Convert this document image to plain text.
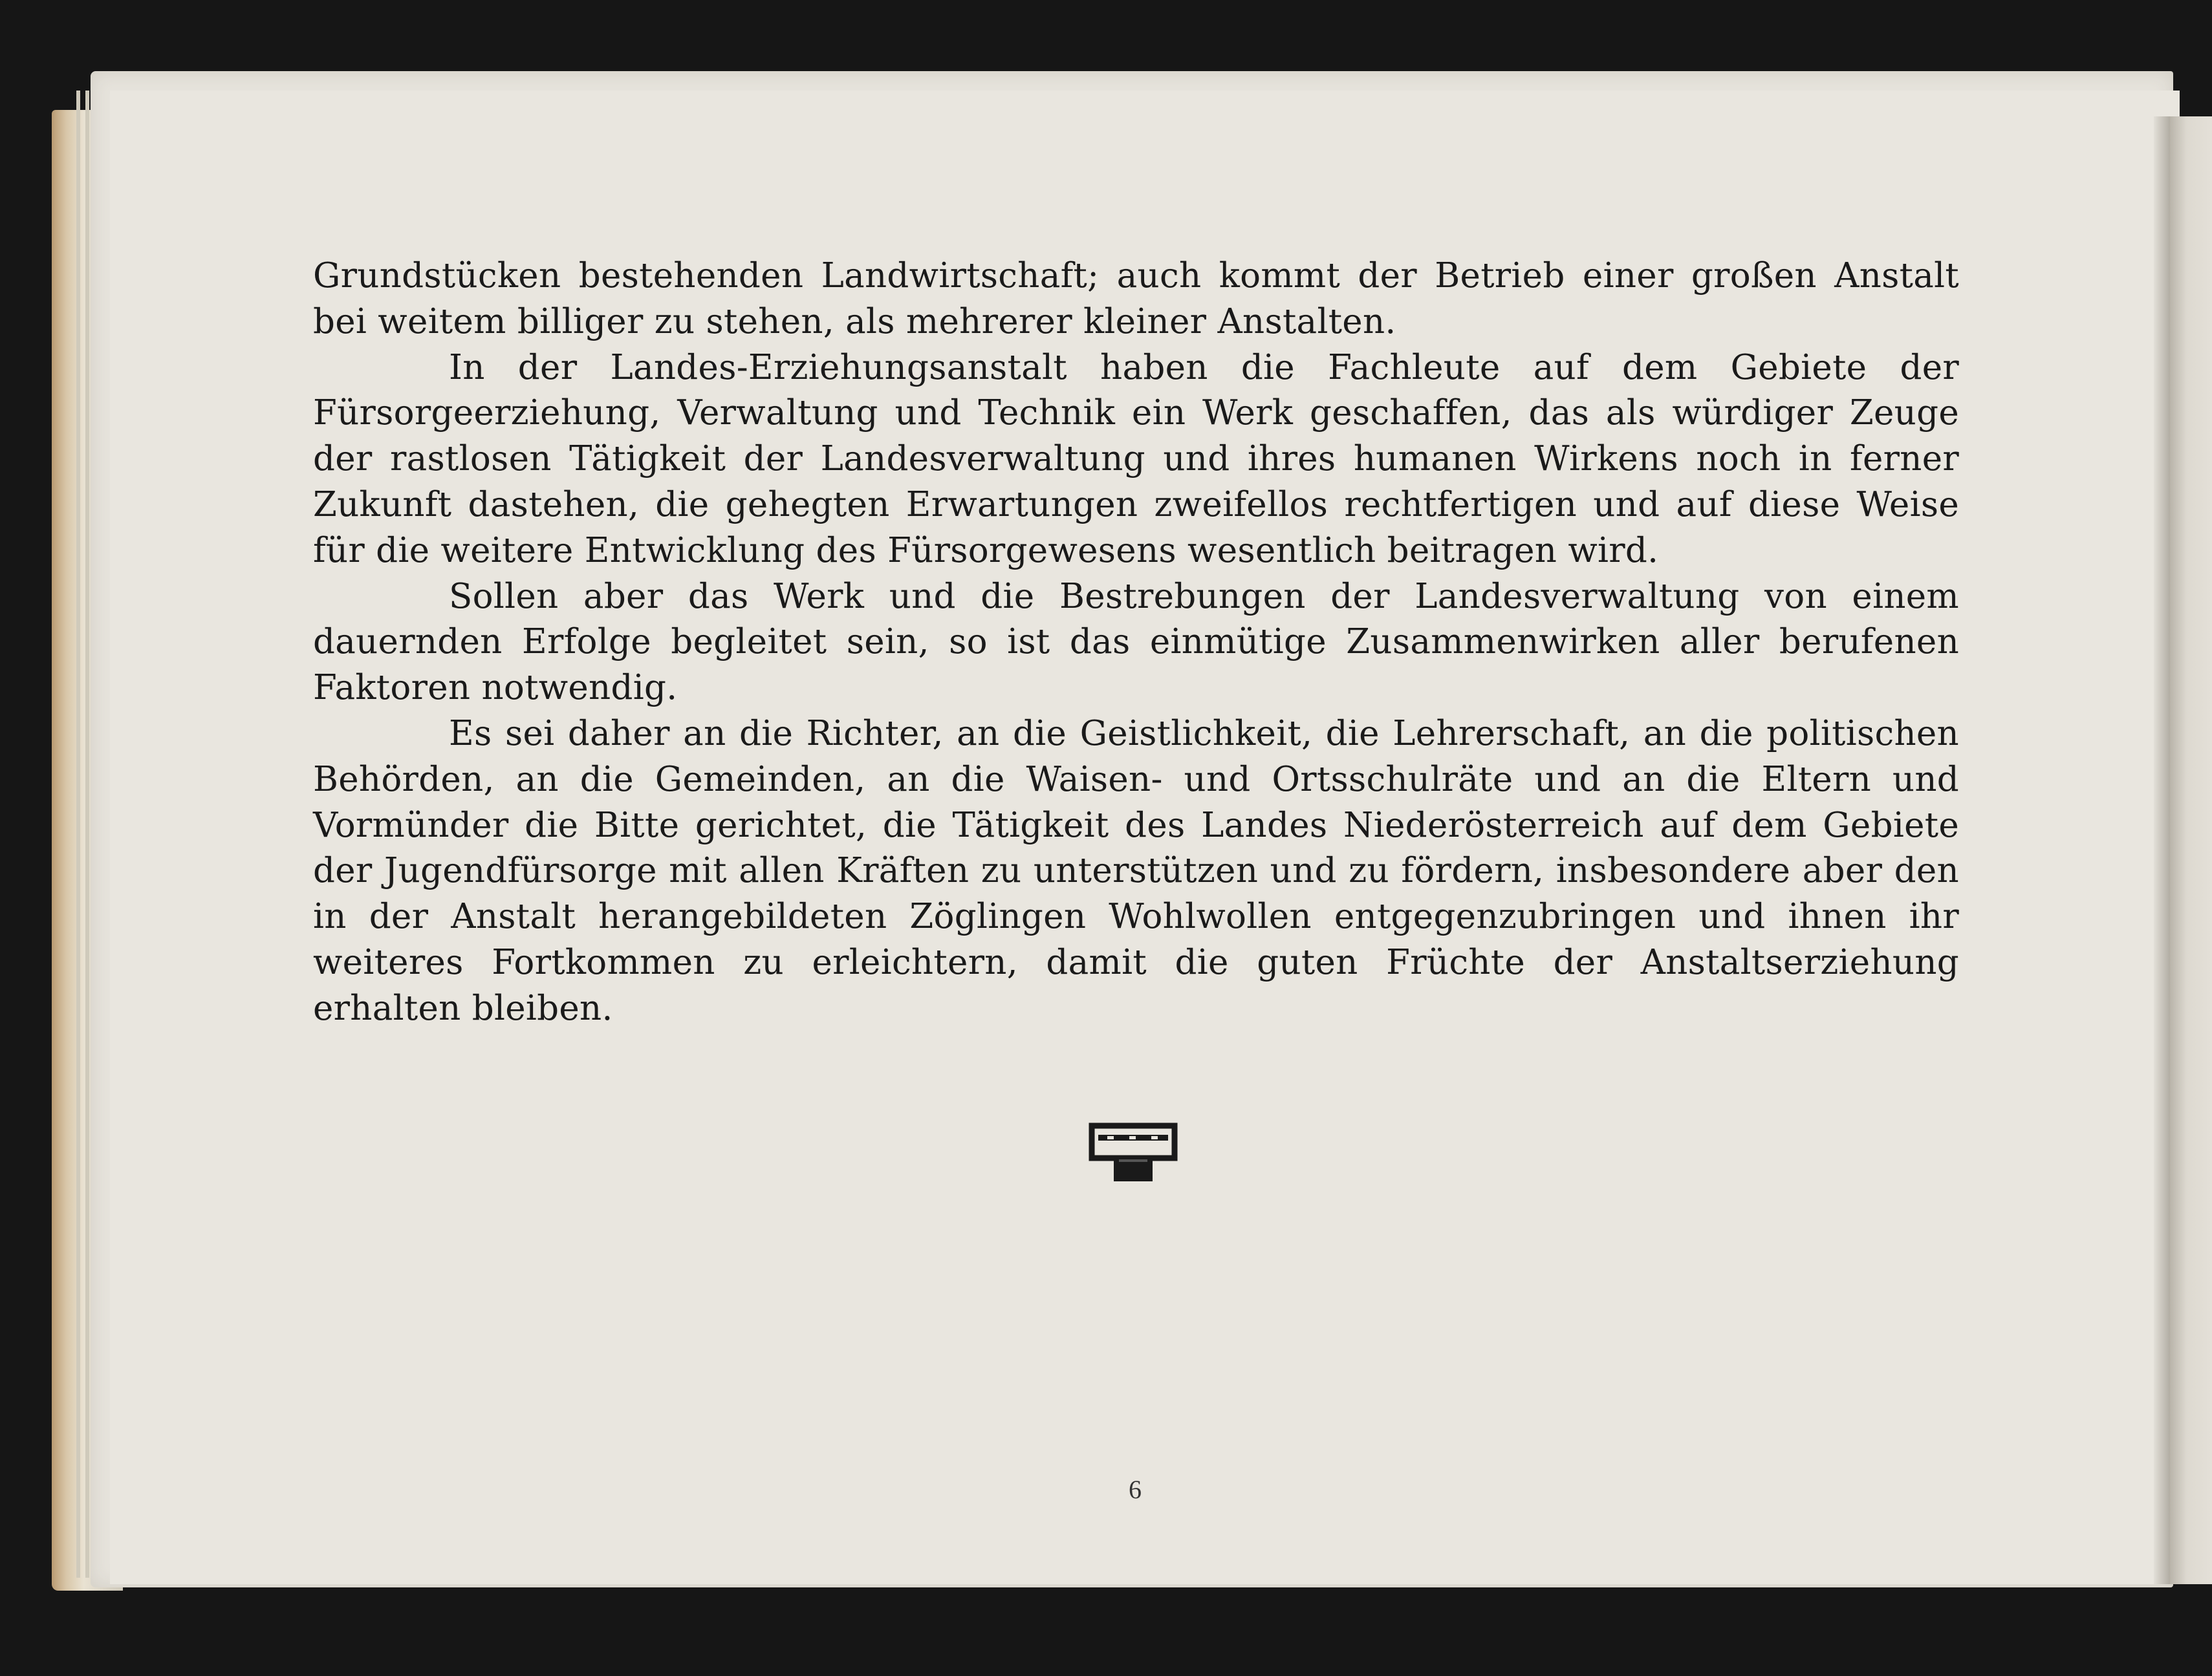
Grundstücken bestehenden Landwirtschaft; auch kommt der Betrieb einer großen Anstalt bei weitem billiger zu stehen, als mehrerer kleiner Anstalten.

In der Landes-Erziehungsanstalt haben die Fachleute auf dem Gebiete der Fürsorgeerziehung, Verwaltung und Technik ein Werk geschaffen, das als würdiger Zeuge der rastlosen Tätigkeit der Landesverwaltung und ihres humanen Wirkens noch in ferner Zukunft dastehen, die gehegten Erwartungen zweifellos rechtfertigen und auf diese Weise für die weitere Entwicklung des Fürsorgewesens wesentlich beitragen wird.

Sollen aber das Werk und die Bestrebungen der Landesverwaltung von einem dauernden Erfolge begleitet sein, so ist das einmütige Zusammenwirken aller berufenen Faktoren notwendig.

Es sei daher an die Richter, an die Geistlichkeit, die Lehrerschaft, an die politischen Behörden, an die Gemeinden, an die Waisen- und Ortsschulräte und an die Eltern und Vormünder die Bitte gerichtet, die Tätigkeit des Landes Niederösterreich auf dem Gebiete der Jugendfürsorge mit allen Kräften zu unterstützen und zu fördern, insbesondere aber den in der Anstalt herangebildeten Zöglingen Wohlwollen entgegenzubringen und ihnen ihr weiteres Fortkommen zu erleichtern, damit die guten Früchte der Anstaltserziehung erhalten bleiben.

6
